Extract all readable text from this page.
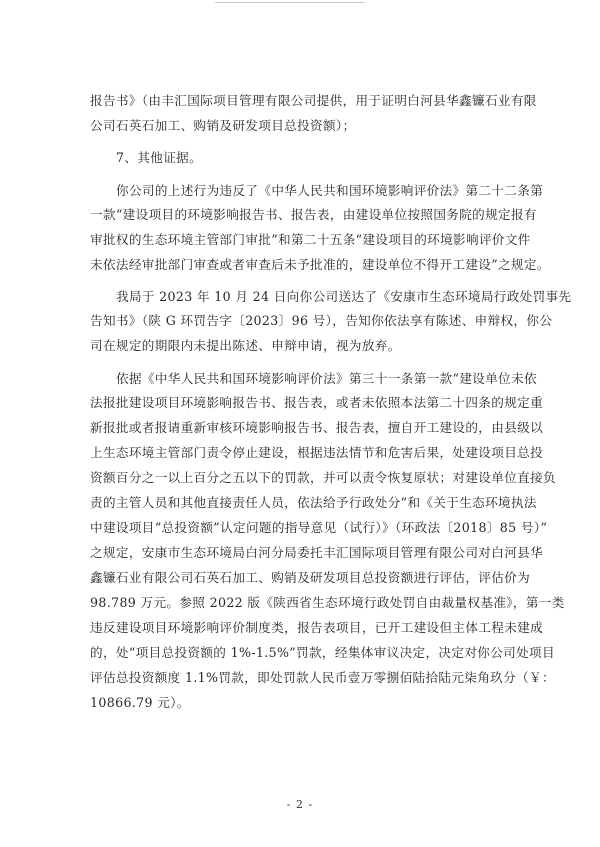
报告书》（由丰汇国际项目管理有限公司提供，用于证明白河县华鑫镰石业有限
公司石英石加工、购销及研发项目总投资额）；
7、其他证据。
你公司的上述行为违反了《中华人民共和国环境影响评价法》第二十二条第
一款“建设项目的环境影响报告书、报告表，由建设单位按照国务院的规定报有
审批权的生态环境主管部门审批”和第二十五条“建设项目的环境影响评价文件
未依法经审批部门审查或者审查后未予批准的，建设单位不得开工建设”之规定。
我局于 2023 年 10 月 24 日向你公司送达了《安康市生态环境局行政处罚事先
告知书》（陕 G 环罚告字〔2023〕96 号），告知你依法享有陈述、申辩权，你公
司在规定的期限内未提出陈述、申辩申请，视为放弃。
依据《中华人民共和国环境影响评价法》第三十一条第一款“建设单位未依
法报批建设项目环境影响报告书、报告表，或者未依照本法第二十四条的规定重
新报批或者报请重新审核环境影响报告书、报告表，擅自开工建设的，由县级以
上生态环境主管部门责令停止建设，根据违法情节和危害后果，处建设项目总投
资额百分之一以上百分之五以下的罚款，并可以责令恢复原状；对建设单位直接负
责的主管人员和其他直接责任人员，依法给予行政处分”和《关于生态环境执法
中建设项目“总投资额”认定问题的指导意见（试行）》（环政法〔2018〕85 号）”
之规定，安康市生态环境局白河分局委托丰汇国际项目管理有限公司对白河县华
鑫镰石业有限公司石英石加工、购销及研发项目总投资额进行评估，评估价为
98.789 万元。参照 2022 版《陕西省生态环境行政处罚自由裁量权基准》，第一类
违反建设项目环境影响评价制度类，报告表项目，已开工建设但主体工程未建成
的，处“项目总投资额的 1%-1.5%”罚款，经集体审议决定，决定对你公司处项目
评估总投资额度 1.1%罚款，即处罚款人民币壹万零捌佰陆拾陆元柒角玖分（￥：
10866.79 元）。
- 2 -
